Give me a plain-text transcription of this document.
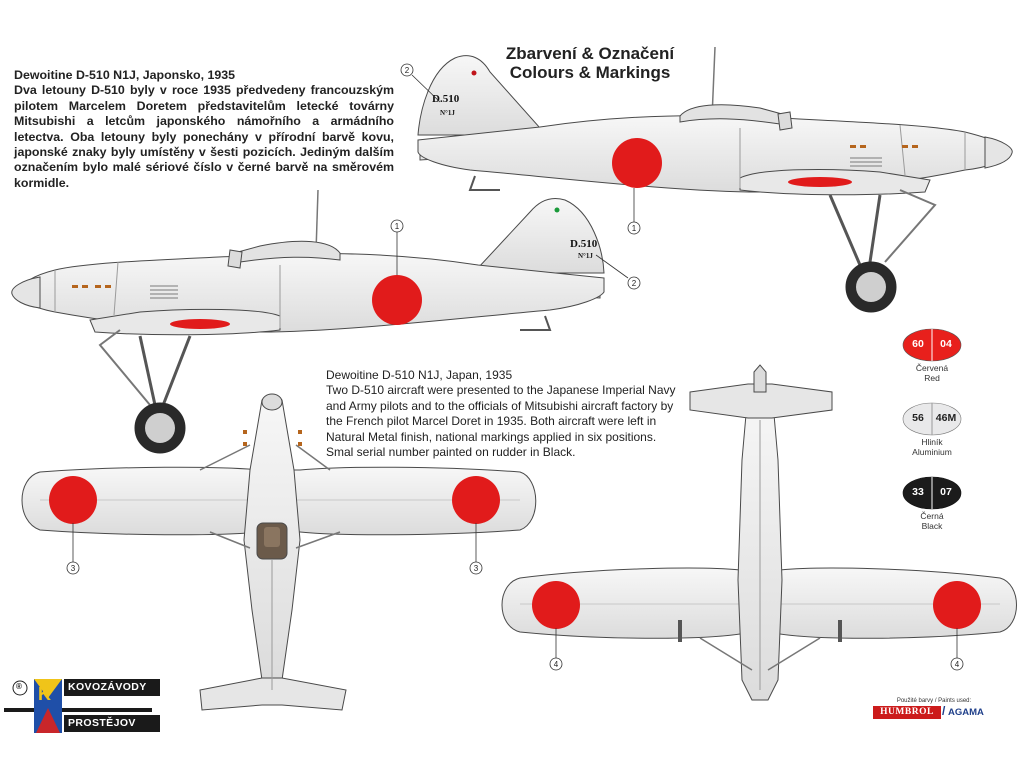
D.510
N°1J
D.510
N°1J
2
1
1
2
3	3
4	4
Zbarvení & Označení
Colours & Markings
Dewoitine D-510 N1J, Japonsko, 1935
Dva letouny D-510 byly v roce 1935 předvedeny francouzským pilotem Marcelem Doretem představitelům letecké továrny Mitsubishi a letcům japonského námořního a armádního letectva. Oba letouny byly ponechány v přírodní barvě kovu, japonské znaky byly umístěny v šesti pozicích. Jediným dalším označením bylo malé sériové číslo v černé barvě na směrovém kormidle.
Dewoitine D-510 N1J, Japan, 1935
Two D-510 aircraft were presented to the Japanese Imperial Navy and Army pilots and to the officials of Mitsubishi aircraft factory by the French pilot Marcel Doret in 1935. Both aircraft were left in Natural Metal finish, national markings applied in six positions. Smal serial number painted on rudder in Black.
60	04
Červená
Red
56	46M
Hliník
Aluminium
33	07
Černá
Black
Použité barvy / Paints used:
HUMBROL / AGAMA
® K	KOVOZÁVODY
PROSTĚJOV
